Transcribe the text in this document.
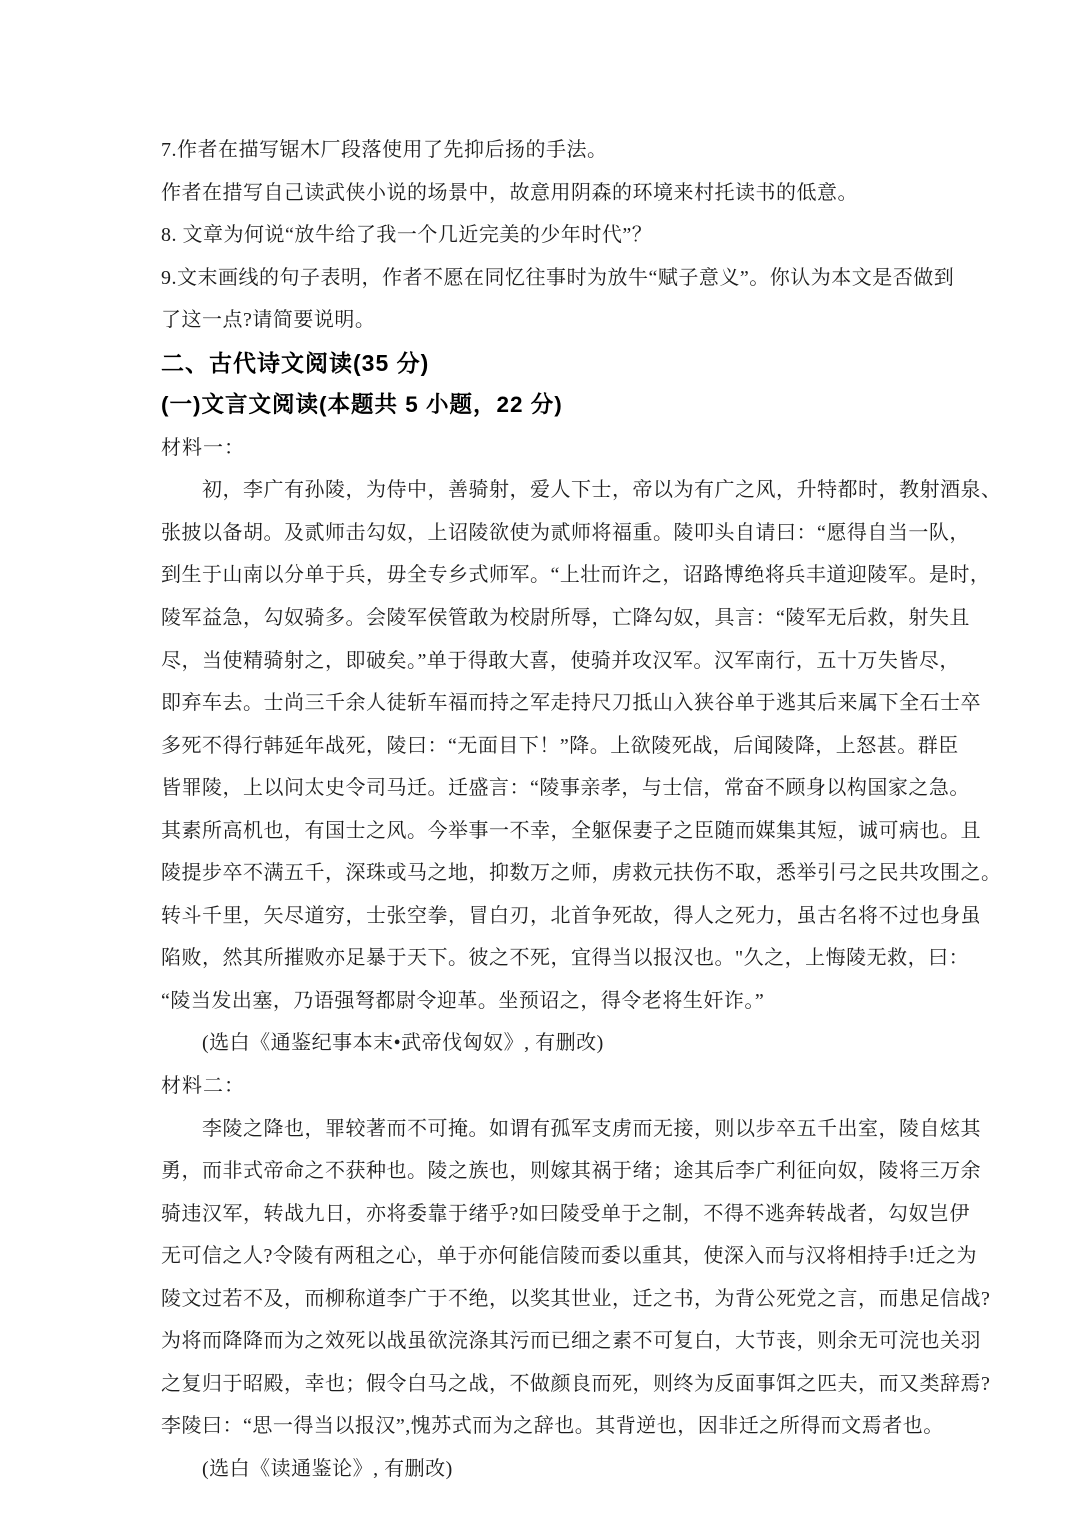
7.作者在描写锯木厂段落使用了先抑后扬的手法。
作者在措写自己读武侠小说的场景中，故意用阴森的环境来村托读书的低意。
8. 文章为何说“放牛给了我一个几近完美的少年时代”？
9.文末画线的句子表明，作者不愿在同忆往事时为放牛“赋子意义”。你认为本文是否做到
了这一点?请简要说明。
二、古代诗文阅读(35 分)
(一)文言文阅读(本题共 5 小题，22 分)
材料一：
初，李广有孙陵，为侍中，善骑射，爱人下士，帝以为有广之风，升特都时，教射酒泉、
张披以备胡。及贰师击勾奴，上诏陵欲使为贰师将福重。陵叩头自请曰：“愿得自当一队，
到生于山南以分单于兵，毋全专乡式师军。“上壮而许之，诏路博绝将兵丰道迎陵军。是时，
陵军益急，勾奴骑多。会陵军侯管敢为校尉所辱，亡降勾奴，具言：“陵军无后救，射失且
尽，当使精骑射之，即破矣。”单于得敢大喜，使骑并攻汉军。汉军南行，五十万失皆尽，
即弃车去。士尚三千余人徒斩车福而持之军走持尺刀抵山入狭谷单于逃其后来属下全石士卒
多死不得行韩延年战死，陵曰：“无面目下！”降。上欲陵死战，后闻陵降，上怒甚。群臣
皆罪陵，上以问太史令司马迁。迁盛言：“陵事亲孝，与士信，常奋不顾身以构国家之急。
其素所高机也，有国士之风。今举事一不幸，全躯保妻子之臣随而媒集其短，诚可病也。且
陵提步卒不满五千，深珠或马之地，抑数万之师，虏救元扶伤不取，悉举引弓之民共攻围之。
转斗千里，矢尽道穷，士张空拳，冒白刃，北首争死故，得人之死力，虽古名将不过也身虽
陷败，然其所摧败亦足暴于天下。彼之不死，宜得当以报汉也。"久之，上悔陵无救，曰：
“陵当发出塞，乃语强弩都尉令迎革。坐预诏之，得令老将生奸诈。”
(选白《通鉴纪事本末•武帝伐匈奴》, 有删改)
材料二：
李陵之降也，罪较著而不可掩。如谓有孤军支虏而无接，则以步卒五千出室，陵自炫其
勇，而非式帝命之不获种也。陵之族也，则嫁其祸于绪；途其后李广利征向奴，陵将三万余
骑违汉军，转战九日，亦将委靠于绪乎?如曰陵受单于之制，不得不逃奔转战者，勾奴岂伊
无可信之人?令陵有两租之心，单于亦何能信陵而委以重其，使深入而与汉将相持手!迁之为
陵文过若不及，而柳称道李广于不绝，以奖其世业，迁之书，为背公死党之言，而患足信战?
为将而降降而为之效死以战虽欲浣涤其污而已细之素不可复白，大节丧，则余无可浣也关羽
之复归于昭殿，幸也；假令白马之战，不做颜良而死，则终为反面事饵之匹夫，而又类辞焉?
李陵曰：“思一得当以报汉”,愧苏式而为之辞也。其背逆也，因非迁之所得而文焉者也。
(选白《读通鉴论》, 有删改)
